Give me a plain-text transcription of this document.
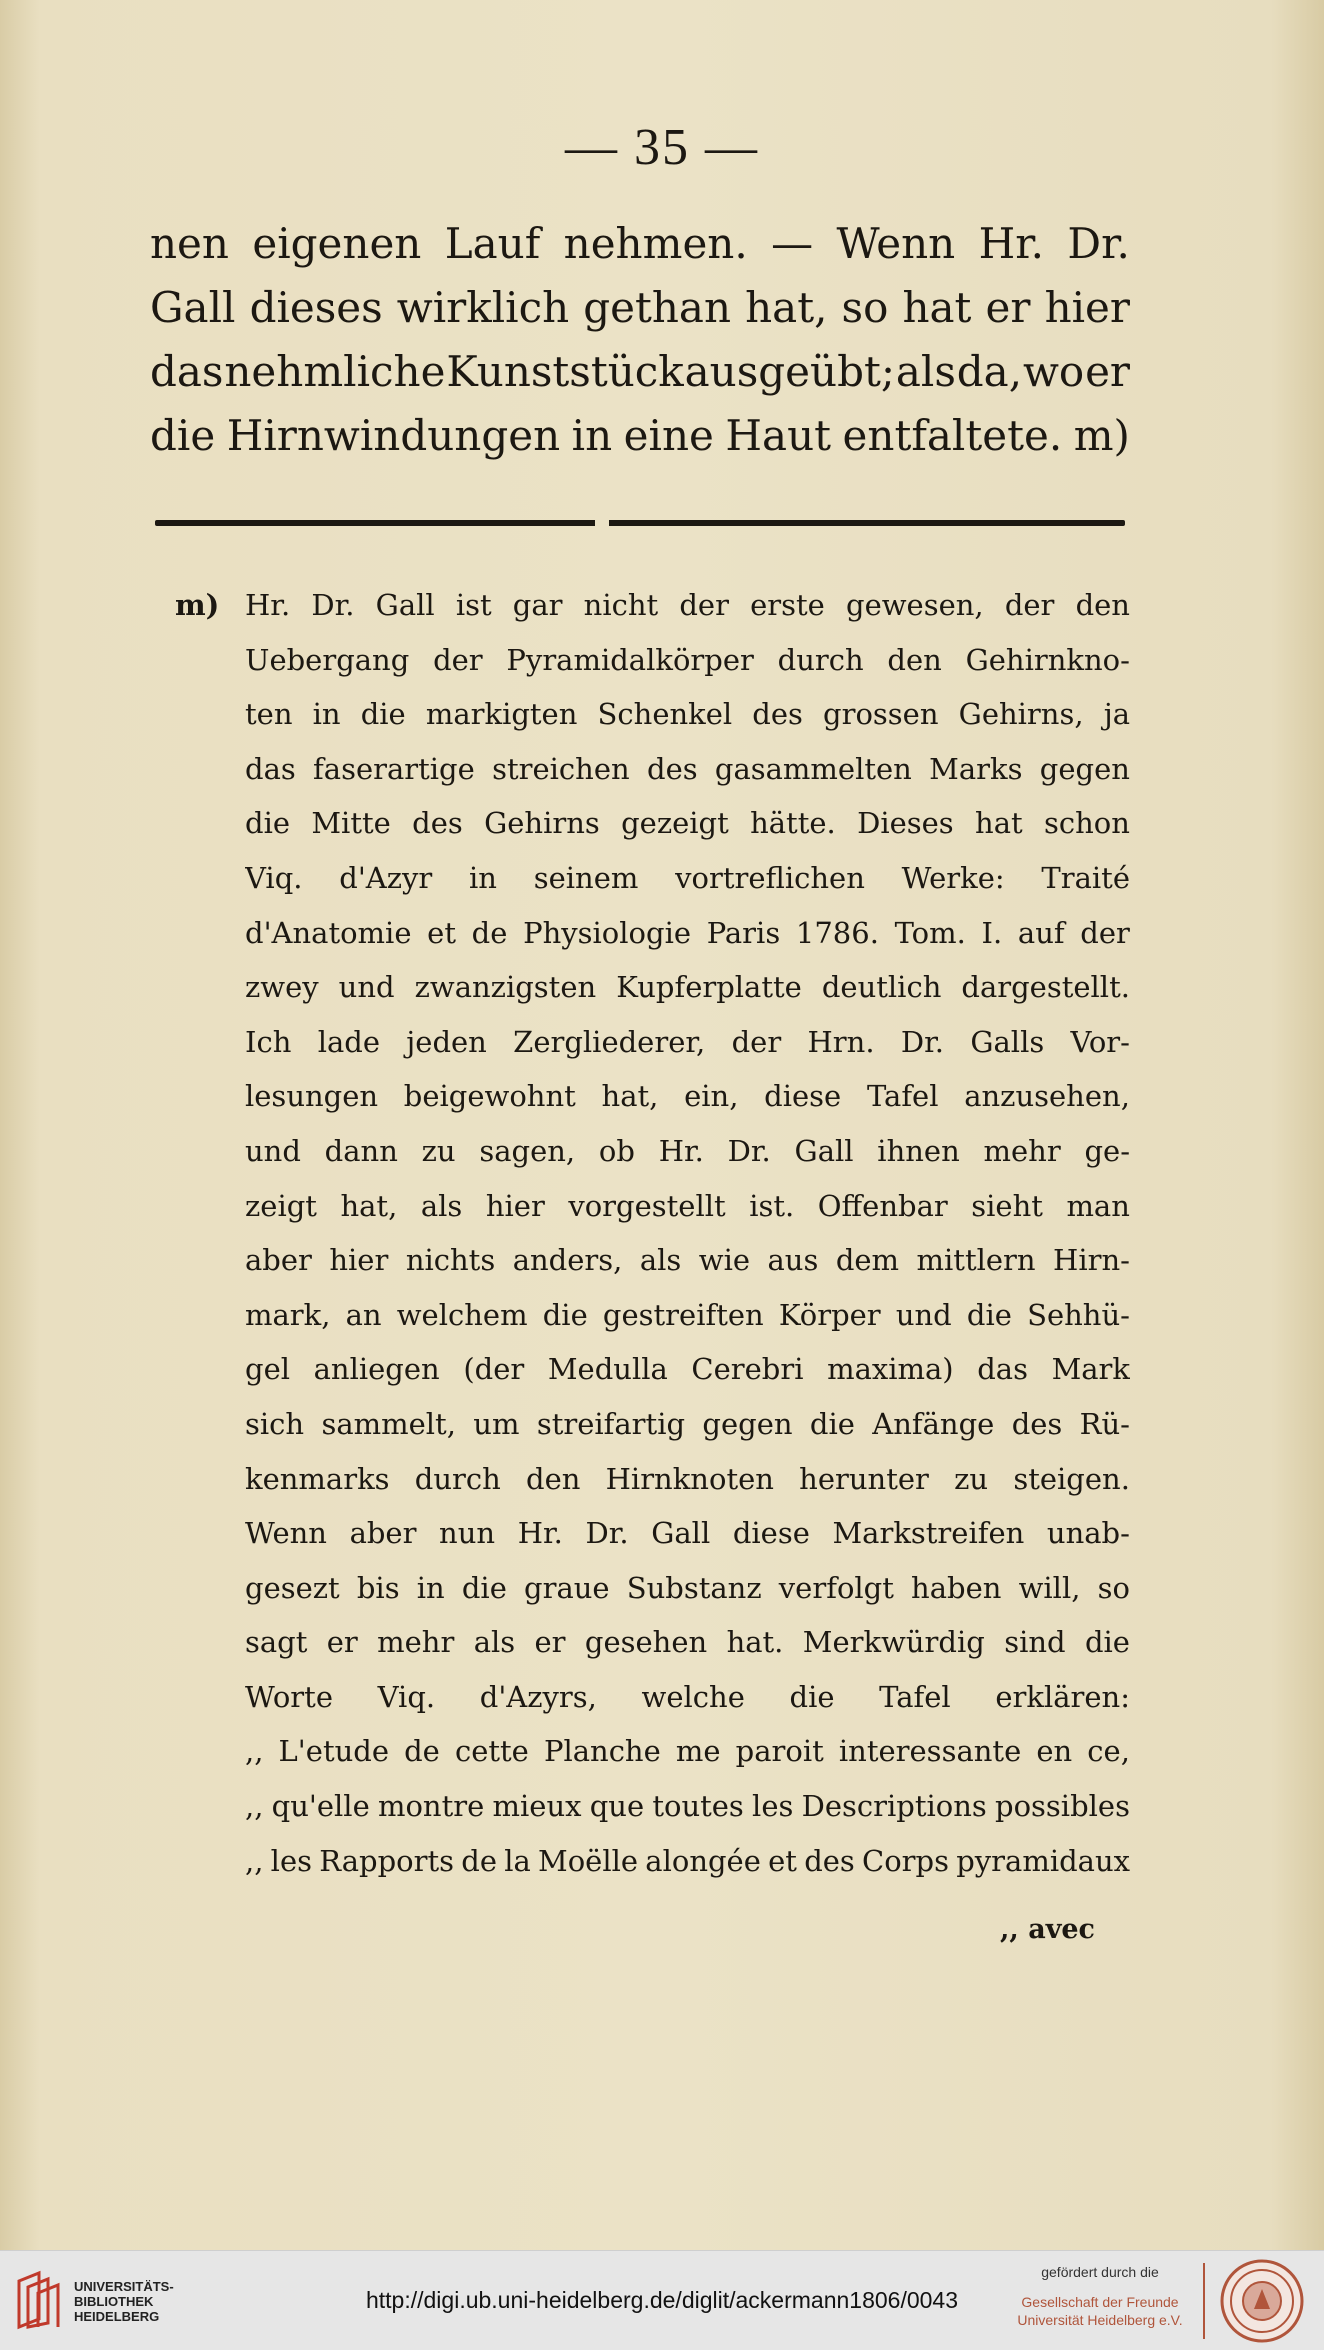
— 35 —
nen eigenen Lauf nehmen. — Wenn Hr. Dr.
Gall dieses wirklich gethan hat, so hat er hier
das nehmliche Kunststück ausgeübt; als da, wo er
die Hirnwindungen in eine Haut entfaltete. m)
m) Hr. Dr. Gall ist gar nicht der erste gewesen, der den
Uebergang der Pyramidalkörper durch den Gehirnkno-
ten in die markigten Schenkel des grossen Gehirns, ja
das faserartige streichen des gasammelten Marks gegen
die Mitte des Gehirns gezeigt hätte. Dieses hat schon
Viq. d'Azyr in seinem vortreflichen Werke: Traité
d'Anatomie et de Physiologie Paris 1786. Tom. I. auf der
zwey und zwanzigsten Kupferplatte deutlich dargestellt.
Ich lade jeden Zergliederer, der Hrn. Dr. Galls Vor-
lesungen beigewohnt hat, ein, diese Tafel anzusehen,
und dann zu sagen, ob Hr. Dr. Gall ihnen mehr ge-
zeigt hat, als hier vorgestellt ist. Offenbar sieht man
aber hier nichts anders, als wie aus dem mittlern Hirn-
mark, an welchem die gestreiften Körper und die Sehhü-
gel anliegen (der Medulla Cerebri maxima) das Mark
sich sammelt, um streifartig gegen die Anfänge des Rü-
kenmarks durch den Hirnknoten herunter zu steigen.
Wenn aber nun Hr. Dr. Gall diese Markstreifen unab-
gesezt bis in die graue Substanz verfolgt haben will, so
sagt er mehr als er gesehen hat. Merkwürdig sind die
Worte Viq. d'Azyrs, welche die Tafel erklären:
,, L'etude de cette Planche me paroit interessante en ce,
,, qu'elle montre mieux que toutes les Descriptions possibles
,, les Rapports de la Moëlle alongée et des Corps pyramidaux
,, avec
UNIVERSITÄTS-
BIBLIOTHEK
HEIDELBERG
http://digi.ub.uni-heidelberg.de/diglit/ackermann1806/0043
gefördert durch die
Gesellschaft der Freunde
Universität Heidelberg e.V.
